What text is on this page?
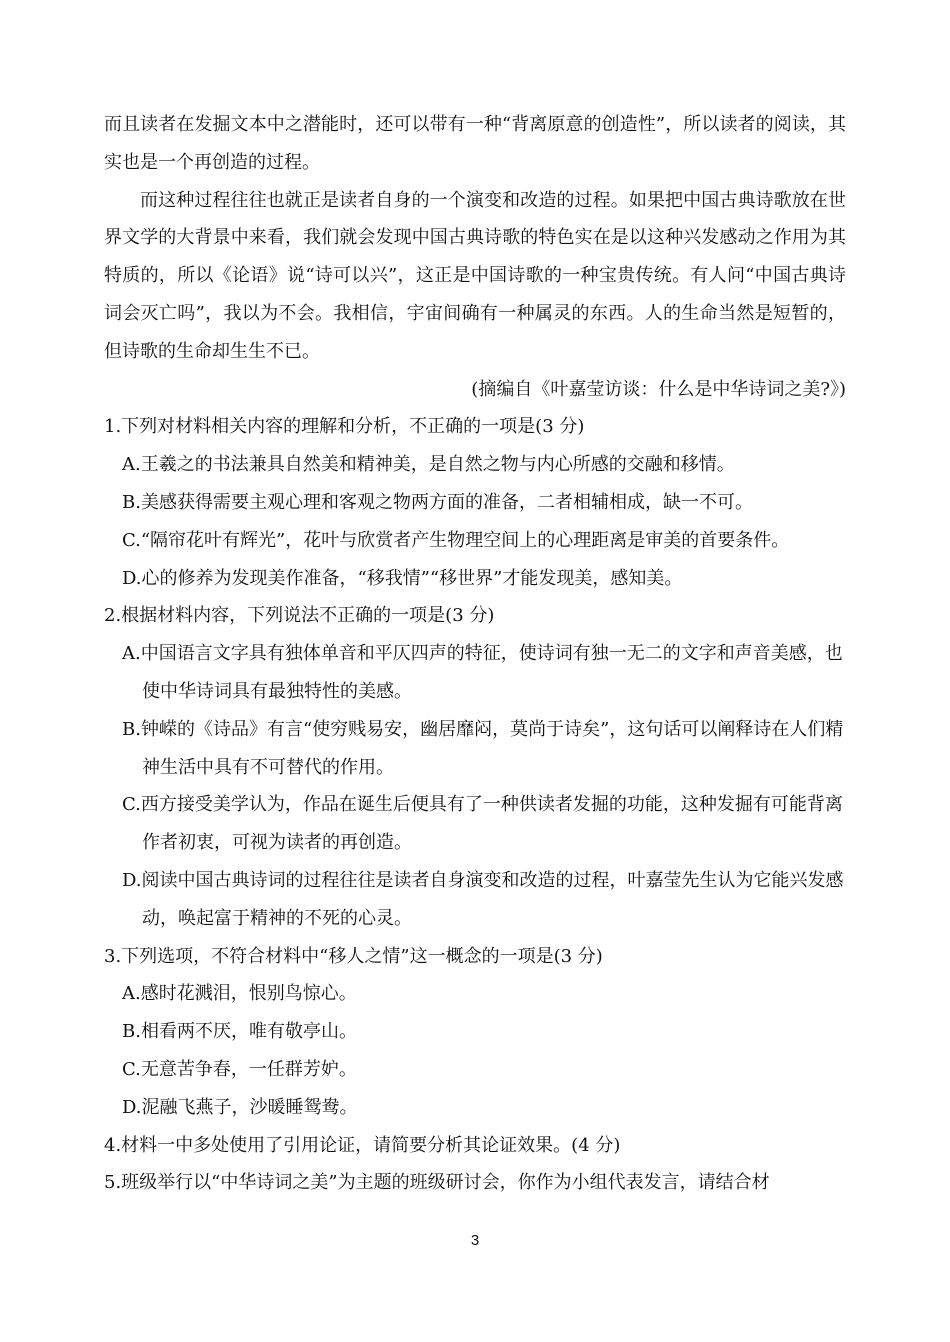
而且读者在发掘文本中之潜能时，还可以带有一种“背离原意的创造性”，所以读者的阅读，其实也是一个再创造的过程。

而这种过程往往也就正是读者自身的一个演变和改造的过程。如果把中国古典诗歌放在世界文学的大背景中来看，我们就会发现中国古典诗歌的特色实在是以这种兴发感动之作用为其特质的，所以《论语》说“诗可以兴”，这正是中国诗歌的一种宝贵传统。有人问“中国古典诗词会灭亡吗”，我以为不会。我相信，宇宙间确有一种属灵的东西。人的生命当然是短暂的，但诗歌的生命却生生不已。

(摘编自《叶嘉莹访谈：什么是中华诗词之美?》)

1.下列对材料相关内容的理解和分析，不正确的一项是(3 分)

A.王羲之的书法兼具自然美和精神美，是自然之物与内心所感的交融和移情。

B.美感获得需要主观心理和客观之物两方面的准备，二者相辅相成，缺一不可。

C.“隔帘花叶有辉光”，花叶与欣赏者产生物理空间上的心理距离是审美的首要条件。

D.心的修养为发现美作准备，“移我情”“移世界”才能发现美，感知美。

2.根据材料内容，下列说法不正确的一项是(3 分)

A.中国语言文字具有独体单音和平仄四声的特征，使诗词有独一无二的文字和声音美感，也使中华诗词具有最独特性的美感。

B.钟嵘的《诗品》有言“使穷贱易安，幽居靡闷，莫尚于诗矣”，这句话可以阐释诗在人们精神生活中具有不可替代的作用。

C.西方接受美学认为，作品在诞生后便具有了一种供读者发掘的功能，这种发掘有可能背离作者初衷，可视为读者的再创造。

D.阅读中国古典诗词的过程往往是读者自身演变和改造的过程，叶嘉莹先生认为它能兴发感动，唤起富于精神的不死的心灵。

3.下列选项，不符合材料中“移人之情”这一概念的一项是(3 分)

A.感时花溅泪，恨别鸟惊心。

B.相看两不厌，唯有敬亭山。

C.无意苦争春，一任群芳妒。

D.泥融飞燕子，沙暖睡鸳鸯。

4.材料一中多处使用了引用论证，请简要分析其论证效果。(4 分)

5.班级举行以“中华诗词之美”为主题的班级研讨会，你作为小组代表发言，请结合材

3
